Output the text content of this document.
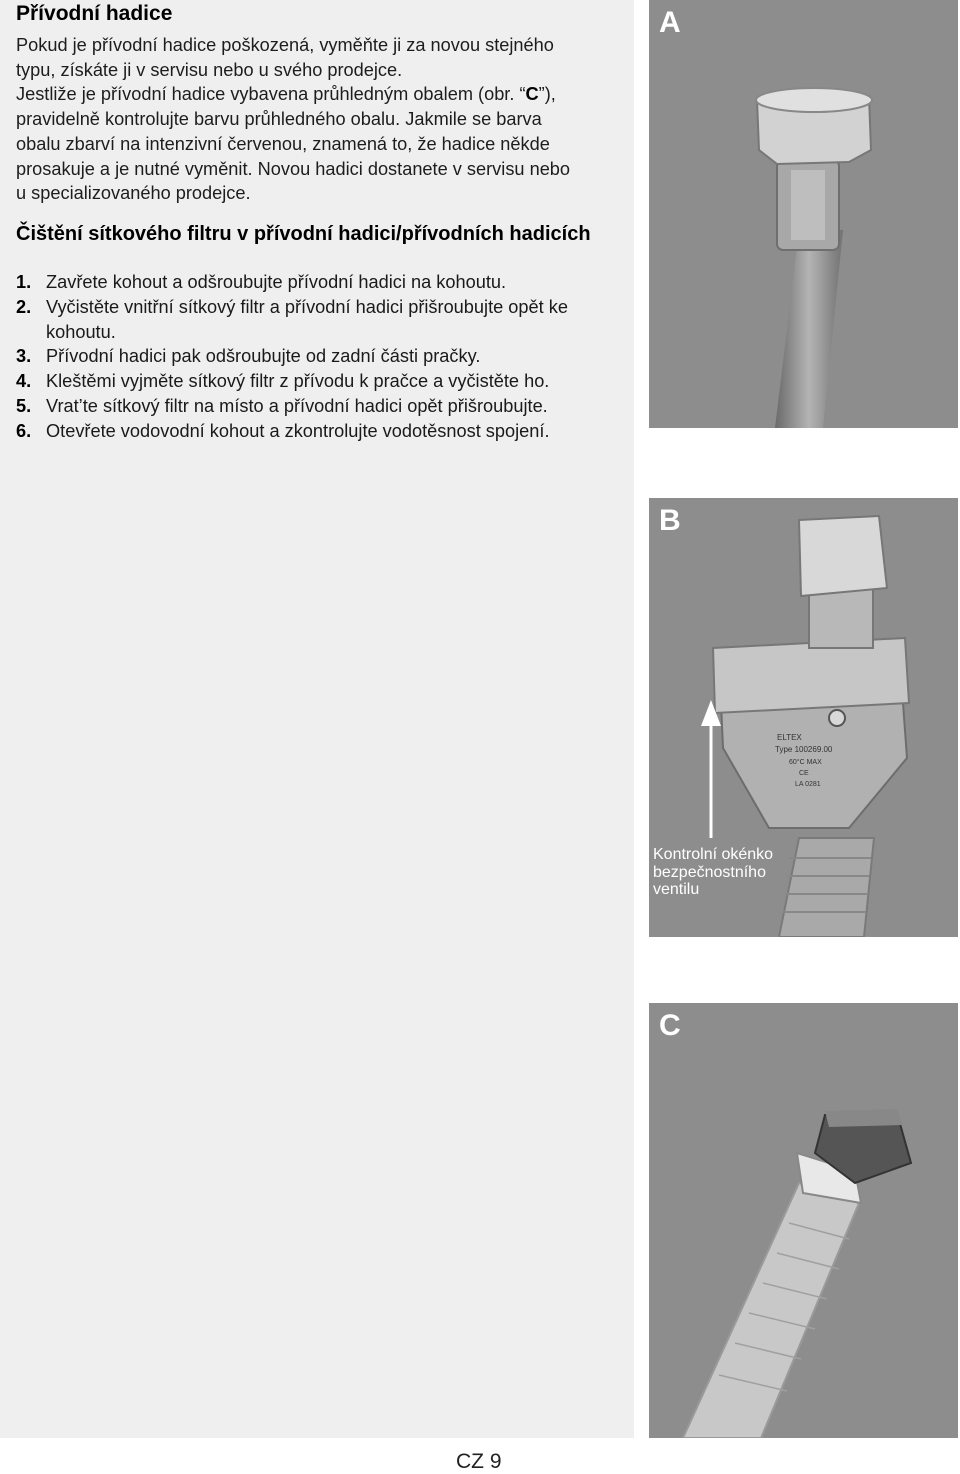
Přívodní hadice
Pokud je přívodní hadice poškozená, vyměňte ji za novou stejného
typu, získáte ji v servisu nebo u svého prodejce.
Jestliže je přívodní hadice vybavena průhledným obalem (obr. “C”),
pravidelně kontrolujte barvu průhledného obalu. Jakmile se barva
obalu zbarví na intenzivní červenou, znamená to, že hadice někde
prosakuje a je nutné vyměnit. Novou hadici dostanete v servisu nebo
u specializovaného prodejce.
Čištění sítkového filtru v přívodní hadici/přívodních hadicích
1. Zavřete kohout a odšroubujte přívodní hadici na kohoutu.
2. Vyčistěte vnitřní sítkový filtr a přívodní hadici přišroubujte opět ke kohoutu.
3. Přívodní hadici pak odšroubujte od zadní části pračky.
4. Kleštěmi vyjměte sítkový filtr z přívodu k pračce a vyčistěte ho.
5. Vrat’te sítkový filtr na místo a přívodní hadici opět přišroubujte.
6. Otevřete vodovodní kohout a zkontrolujte vodotěsnost spojení.
A
ELTEX
Type 100269.00
60°C MAX
CE
LA 0281
B
Kontrolní okénko
bezpečnostního
ventilu
C
CZ 9
